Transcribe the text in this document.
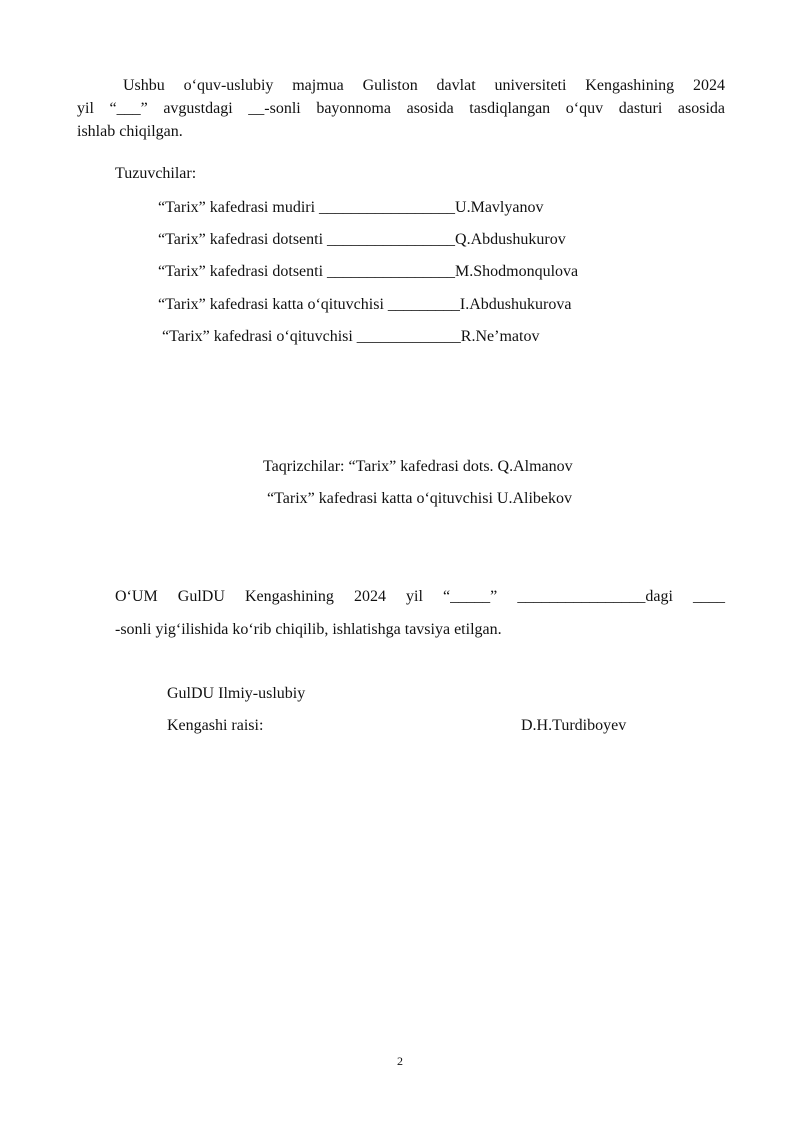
Ushbu o‘quv-uslubiy majmua Guliston davlat universiteti Kengashining 2024
yil “___” avgustdagi __-sonli bayonnoma asosida tasdiqlangan o‘quv dasturi asosida
ishlab chiqilgan.
Tuzuvchilar:
“Tarix” kafedrasi mudiri _________________U.Mavlyanov
“Tarix” kafedrasi dotsenti ________________Q.Abdushukurov
“Tarix” kafedrasi dotsenti ________________M.Shodmonqulova
“Tarix” kafedrasi katta o‘qituvchisi _________I.Abdushukurova
“Tarix” kafedrasi o‘qituvchisi _____________R.Ne’matov
Taqrizchilar: “Tarix” kafedrasi dots. Q.Almanov
“Tarix” kafedrasi katta o‘qituvchisi U.Alibekov
O‘UM GulDU Kengashining 2024 yil “_____” ________________dagi ____
-sonli yig‘ilishida ko‘rib chiqilib, ishlatishga tavsiya etilgan.
GulDU Ilmiy-uslubiy
Kengashi raisi:	D.H.Turdiboyev
2
